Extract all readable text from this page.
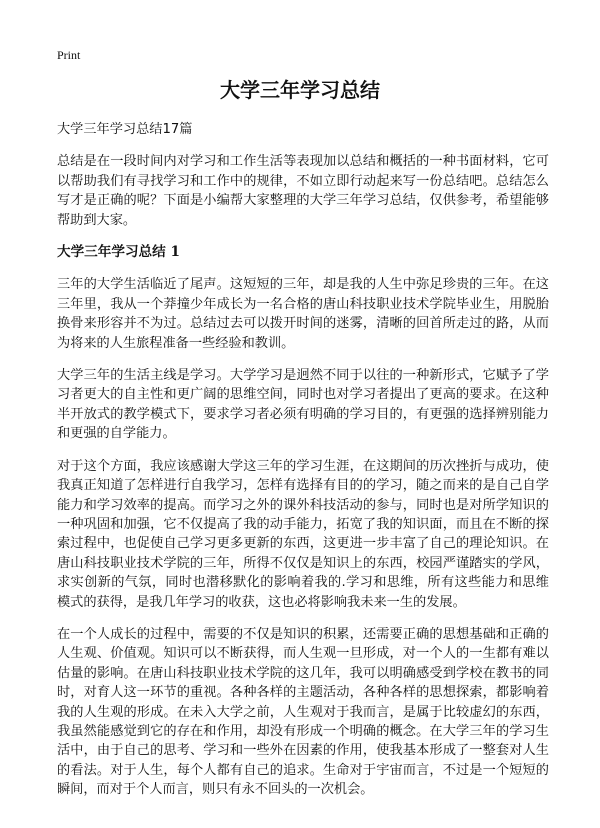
Print
大学三年学习总结

大学三年学习总结17篇

总结是在一段时间内对学习和工作生活等表现加以总结和概括的一种书面材料，它可以帮助我们有寻找学习和工作中的规律，不如立即行动起来写一份总结吧。总结怎么写才是正确的呢？下面是小编帮大家整理的大学三年学习总结，仅供参考，希望能够帮助到大家。

大学三年学习总结 1

三年的大学生活临近了尾声。这短短的三年，却是我的人生中弥足珍贵的三年。在这三年里，我从一个莽撞少年成长为一名合格的唐山科技职业技术学院毕业生，用脱胎换骨来形容并不为过。总结过去可以拨开时间的迷雾，清晰的回首所走过的路，从而为将来的人生旅程准备一些经验和教训。

大学三年的生活主线是学习。大学学习是迥然不同于以往的一种新形式，它赋予了学习者更大的自主性和更广阔的思维空间，同时也对学习者提出了更高的要求。在这种半开放式的教学模式下，要求学习者必须有明确的学习目的，有更强的选择辨别能力和更强的自学能力。

对于这个方面，我应该感谢大学这三年的学习生涯，在这期间的历次挫折与成功，使我真正知道了怎样进行自我学习，怎样有选择有目的的学习，随之而来的是自己自学能力和学习效率的提高。而学习之外的课外科技活动的参与，同时也是对所学知识的一种巩固和加强，它不仅提高了我的动手能力，拓宽了我的知识面，而且在不断的探索过程中，也促使自己学习更多更新的东西，这更进一步丰富了自己的理论知识。在唐山科技职业技术学院的三年，所得不仅仅是知识上的东西，校园严谨踏实的学风，求实创新的气氛，同时也潜移默化的影响着我的.学习和思维，所有这些能力和思维模式的获得，是我几年学习的收获，这也必将影响我未来一生的发展。

在一个人成长的过程中，需要的不仅是知识的积累，还需要正确的思想基础和正确的人生观、价值观。知识可以不断获得，而人生观一旦形成，对一个人的一生都有难以估量的影响。在唐山科技职业技术学院的这几年，我可以明确感受到学校在教书的同时，对育人这一环节的重视。各种各样的主题活动，各种各样的思想探索，都影响着我的人生观的形成。在未入大学之前，人生观对于我而言，是属于比较虚幻的东西，我虽然能感觉到它的存在和作用，却没有形成一个明确的概念。在大学三年的学习生活中，由于自己的思考、学习和一些外在因素的作用，使我基本形成了一整套对人生的看法。对于人生，每个人都有自己的追求。生命对于宇宙而言，不过是一个短短的瞬间，而对于个人而言，则只有永不回头的一次机会。
